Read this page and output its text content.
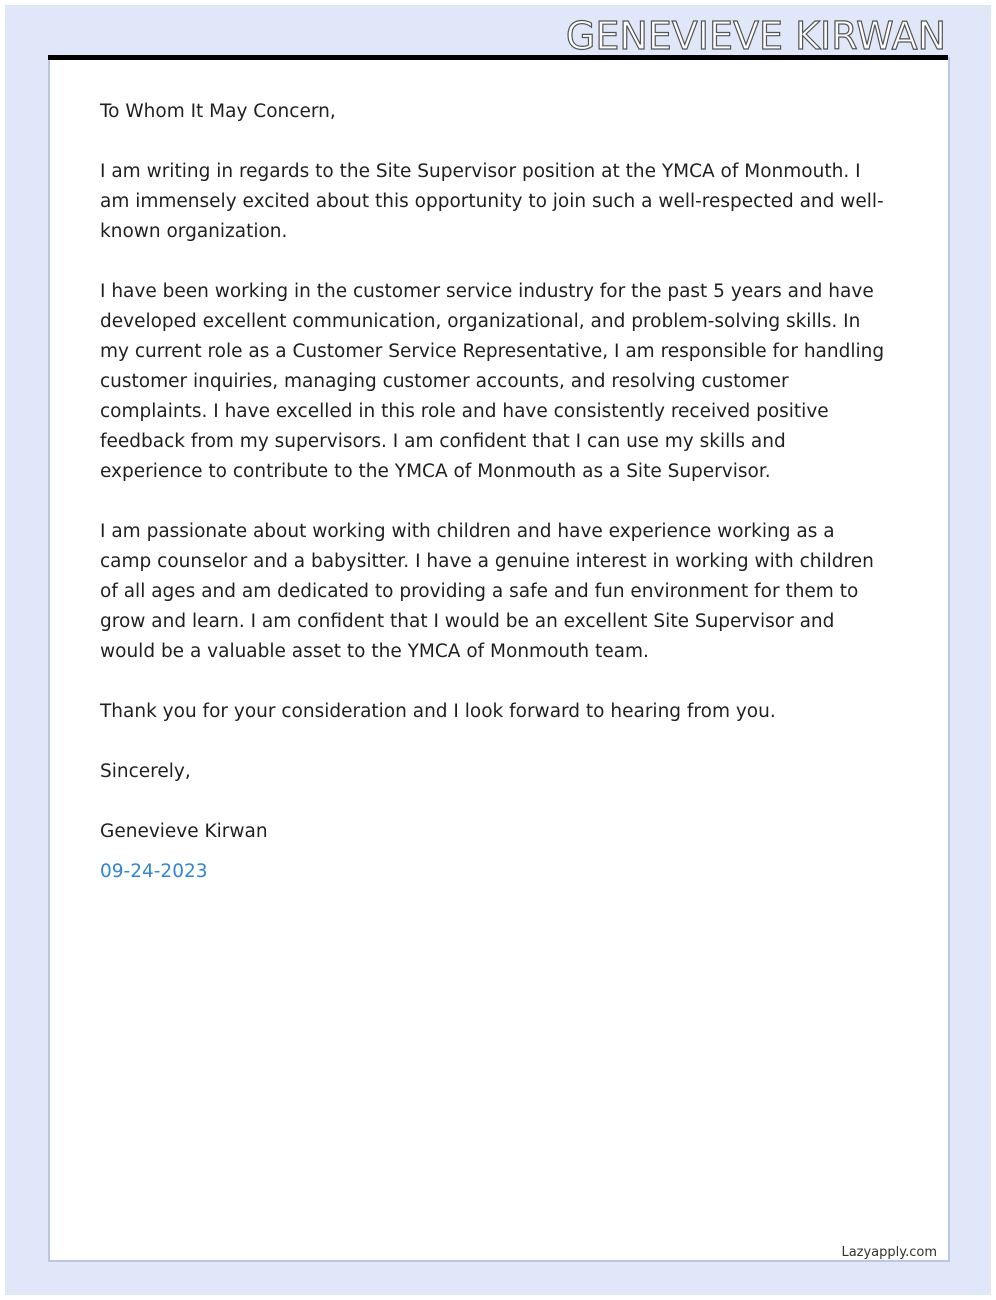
GENEVIEVE KIRWAN

To Whom It May Concern,

I am writing in regards to the Site Supervisor position at the YMCA of Monmouth. I am immensely excited about this opportunity to join such a well-respected and well-known organization.

I have been working in the customer service industry for the past 5 years and have developed excellent communication, organizational, and problem-solving skills. In my current role as a Customer Service Representative, I am responsible for handling customer inquiries, managing customer accounts, and resolving customer complaints. I have excelled in this role and have consistently received positive feedback from my supervisors. I am confident that I can use my skills and experience to contribute to the YMCA of Monmouth as a Site Supervisor.

I am passionate about working with children and have experience working as a camp counselor and a babysitter. I have a genuine interest in working with children of all ages and am dedicated to providing a safe and fun environment for them to grow and learn. I am confident that I would be an excellent Site Supervisor and would be a valuable asset to the YMCA of Monmouth team.

Thank you for your consideration and I look forward to hearing from you.

Sincerely,

Genevieve Kirwan

09-24-2023

Lazyapply.com
